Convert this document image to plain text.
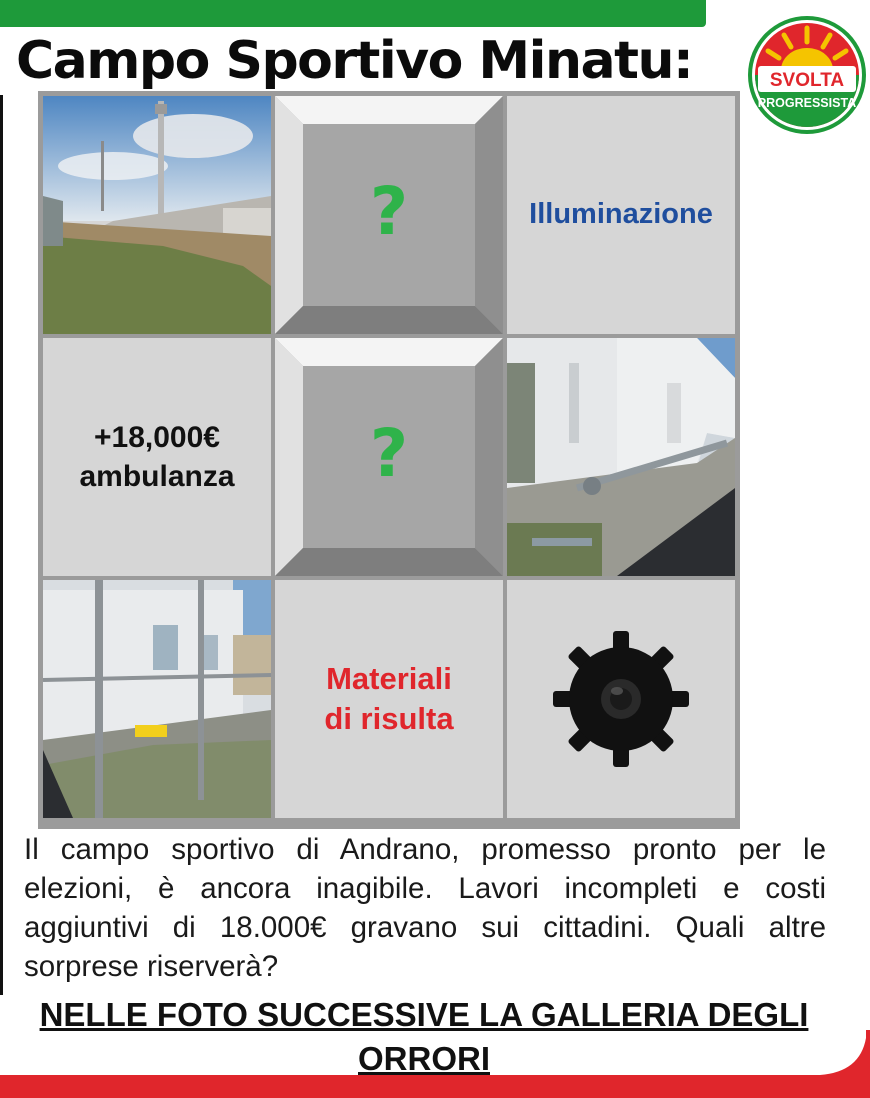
Campo Sportivo Minatu:	SVOLTA
PROGRESSISTA
?	Illuminazione
+18,000€
ambulanza ?
Materiali
di risulta

Il campo sportivo di Andrano, promesso pronto per le elezioni, è ancora inagibile. Lavori incompleti e costi aggiuntivi di 18.000€ gravano sui cittadini. Quali altre sorprese riserverà?

NELLE FOTO SUCCESSIVE LA GALLERIA DEGLI
ORRORI
